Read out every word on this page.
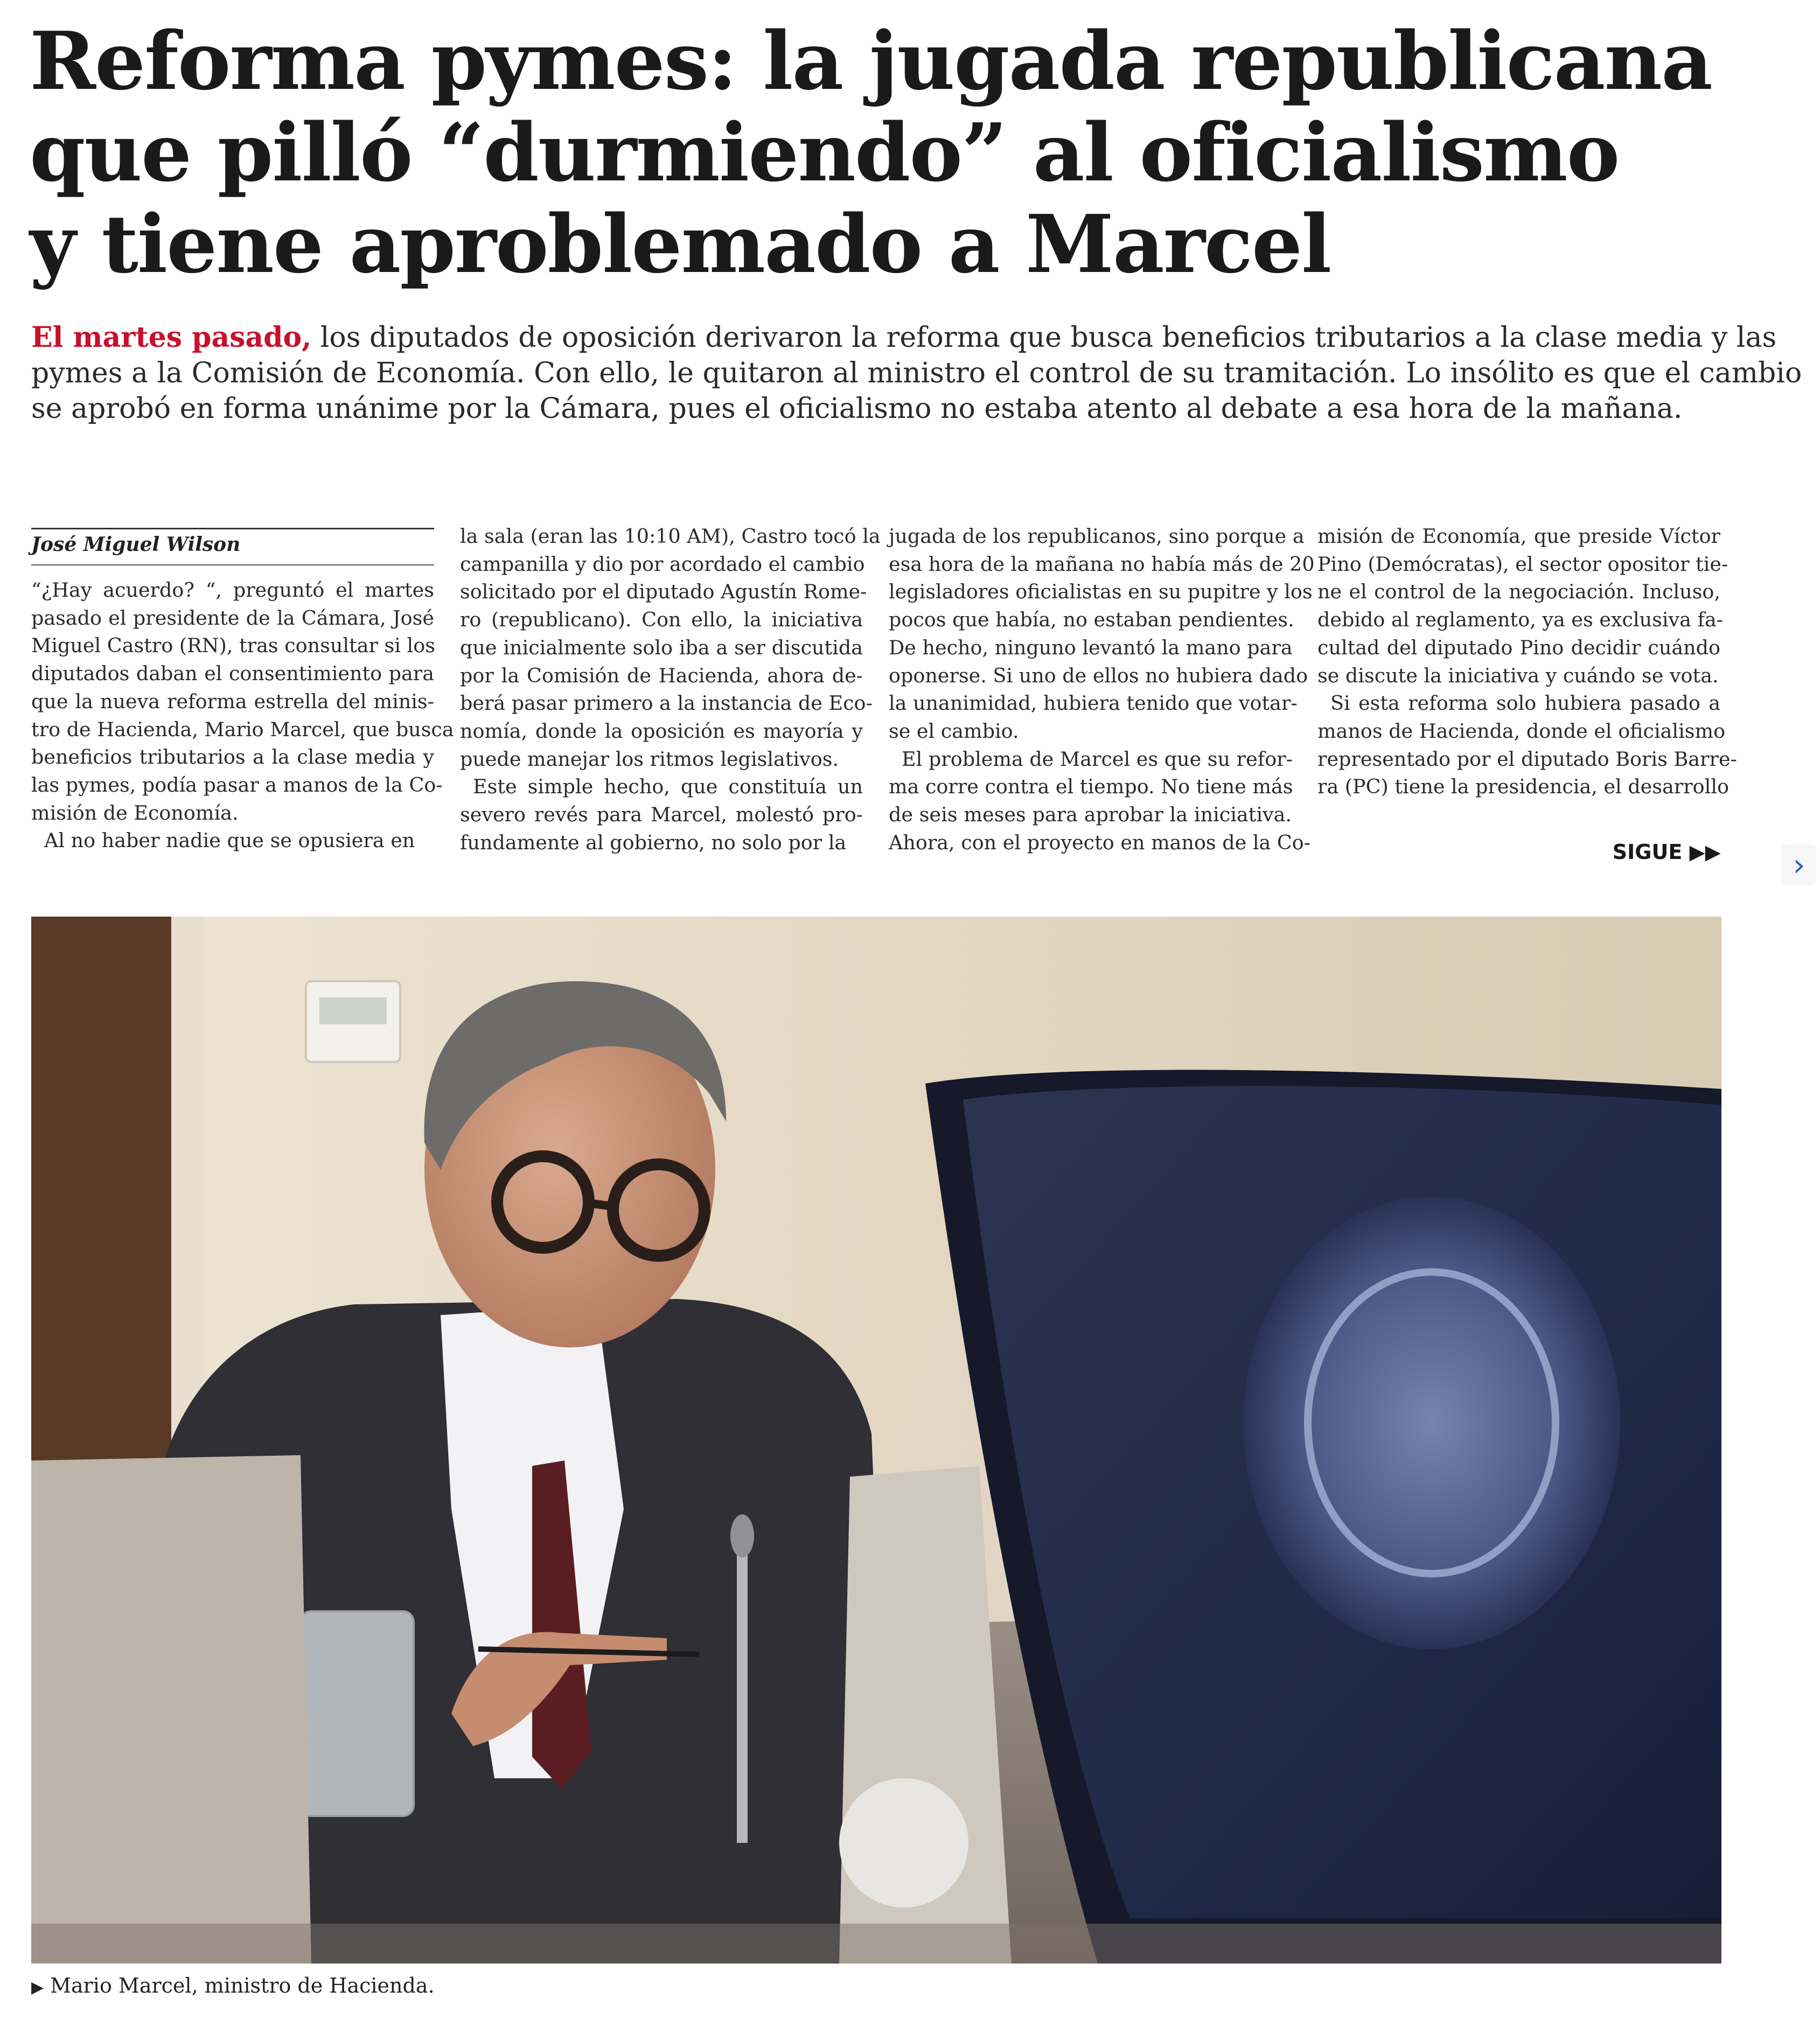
Reforma pymes: la jugada republicana
que pilló “durmiendo” al oficialismo
y tiene aproblemado a Marcel

El martes pasado, los diputados de oposición derivaron la reforma que busca beneficios tributarios a la clase media y las
pymes a la Comisión de Economía. Con ello, le quitaron al ministro el control de su tramitación. Lo insólito es que el cambio
se aprobó en forma unánime por la Cámara, pues el oficialismo no estaba atento al debate a esa hora de la mañana.

José Miguel Wilson
“¿Hay acuerdo? “, preguntó el martes
pasado el presidente de la Cámara, José
Miguel Castro (RN), tras consultar si los
diputados daban el consentimiento para
que la nueva reforma estrella del minis-
tro de Hacienda, Mario Marcel, que busca
beneficios tributarios a la clase media y
las pymes, podía pasar a manos de la Co-
misión de Economía.
Al no haber nadie que se opusiera en
la sala (eran las 10:10 AM), Castro tocó la
campanilla y dio por acordado el cambio
solicitado por el diputado Agustín Rome-
ro (republicano). Con ello, la iniciativa
que inicialmente solo iba a ser discutida
por la Comisión de Hacienda, ahora de-
berá pasar primero a la instancia de Eco-
nomía, donde la oposición es mayoría y
puede manejar los ritmos legislativos.
Este simple hecho, que constituía un
severo revés para Marcel, molestó pro-
fundamente al gobierno, no solo por la
jugada de los republicanos, sino porque a
esa hora de la mañana no había más de 20
legisladores oficialistas en su pupitre y los
pocos que había, no estaban pendientes.
De hecho, ninguno levantó la mano para
oponerse. Si uno de ellos no hubiera dado
la unanimidad, hubiera tenido que votar-
se el cambio.
El problema de Marcel es que su refor-
ma corre contra el tiempo. No tiene más
de seis meses para aprobar la iniciativa.
Ahora, con el proyecto en manos de la Co-
misión de Economía, que preside Víctor
Pino (Demócratas), el sector opositor tie-
ne el control de la negociación. Incluso,
debido al reglamento, ya es exclusiva fa-
cultad del diputado Pino decidir cuándo
se discute la iniciativa y cuándo se vota.
Si esta reforma solo hubiera pasado a
manos de Hacienda, donde el oficialismo
representado por el diputado Boris Barre-
ra (PC) tiene la presidencia, el desarrollo
SIGUE ▶▶ ›
▶ Mario Marcel, ministro de Hacienda.
